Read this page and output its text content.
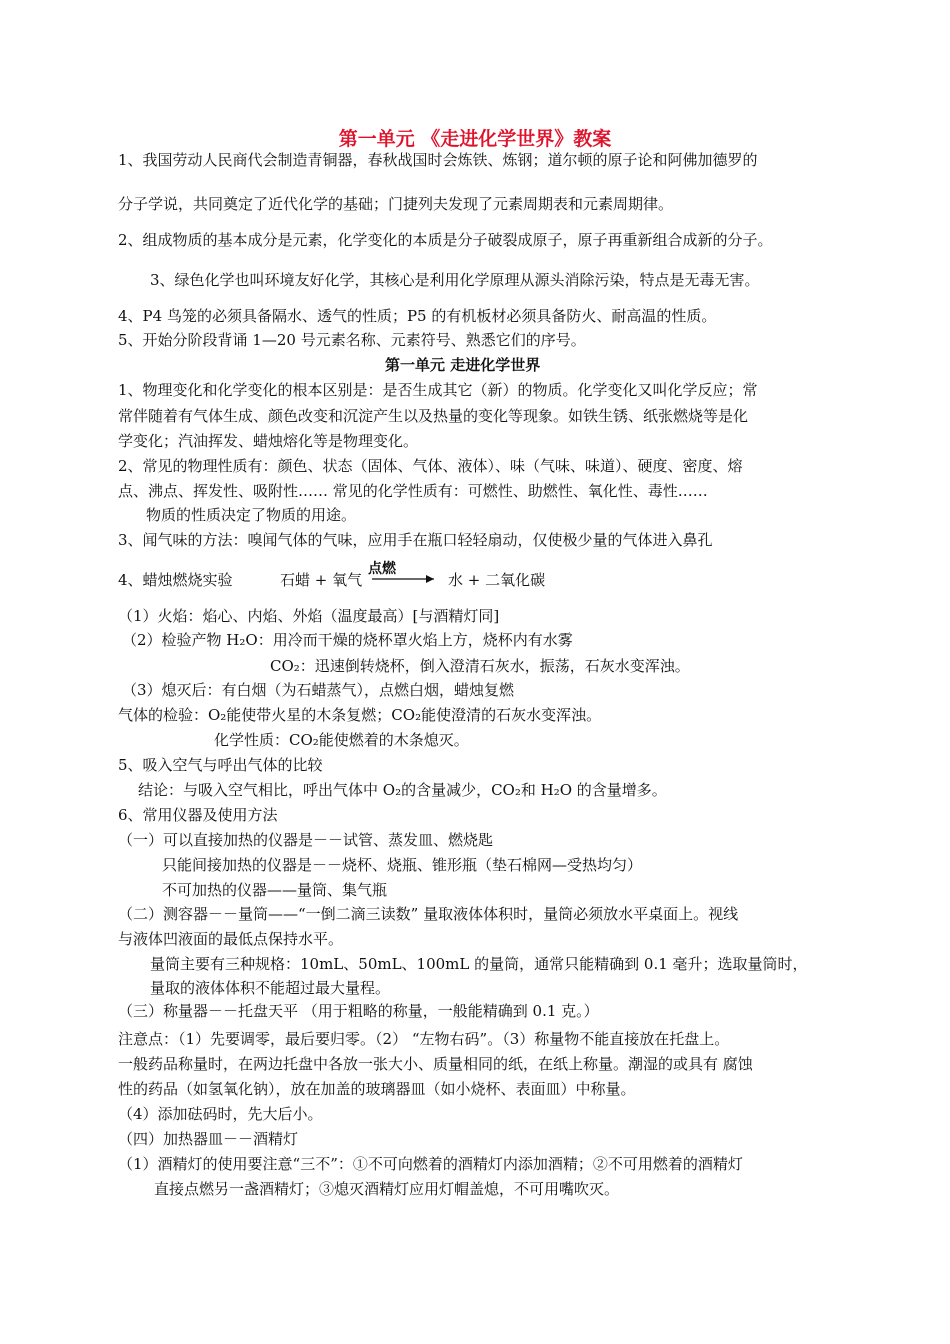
第一单元 《走进化学世界》教案
1、我国劳动人民商代会制造青铜器，春秋战国时会炼铁、炼钢；道尔顿的原子论和阿佛加德罗的
分子学说，共同奠定了近代化学的基础；门捷列夫发现了元素周期表和元素周期律。
2、组成物质的基本成分是元素，化学变化的本质是分子破裂成原子，原子再重新组合成新的分子。
3、绿色化学也叫环境友好化学，其核心是利用化学原理从源头消除污染，特点是无毒无害。
4、P4 鸟笼的必须具备隔水、透气的性质；P5 的有机板材必须具备防火、耐高温的性质。
5、开始分阶段背诵 1—20 号元素名称、元素符号、熟悉它们的序号。
第一单元 走进化学世界
1、物理变化和化学变化的根本区别是：是否生成其它（新）的物质。化学变化又叫化学反应；常
常伴随着有气体生成、颜色改变和沉淀产生以及热量的变化等现象。如铁生锈、纸张燃烧等是化
学变化；汽油挥发、蜡烛熔化等是物理变化。
2、常见的物理性质有：颜色、状态（固体、气体、液体）、味（气味、味道）、硬度、密度、熔
点、沸点、挥发性、吸附性…… 常见的化学性质有：可燃性、助燃性、氧化性、毒性……
物质的性质决定了物质的用途。
3、闻气味的方法：嗅闻气体的气味，应用手在瓶口轻轻扇动，仅使极少量的气体进入鼻孔
4、蜡烛燃烧实验	石蜡 + 氧气
点燃
水 + 二氧化碳
（1）火焰：焰心、内焰、外焰（温度最高）[与酒精灯同]
（2）检验产物 H₂O：用冷而干燥的烧杯罩火焰上方，烧杯内有水雾
CO₂：迅速倒转烧杯，倒入澄清石灰水，振荡，石灰水变浑浊。
（3）熄灭后：有白烟（为石蜡蒸气），点燃白烟，蜡烛复燃
气体的检验：O₂能使带火星的木条复燃；CO₂能使澄清的石灰水变浑浊。
化学性质：CO₂能使燃着的木条熄灭。
5、吸入空气与呼出气体的比较
结论：与吸入空气相比，呼出气体中 O₂的含量减少，CO₂和 H₂O 的含量增多。
6、常用仪器及使用方法
（一）可以直接加热的仪器是－－试管、蒸发皿、燃烧匙
只能间接加热的仪器是－－烧杯、烧瓶、锥形瓶（垫石棉网—受热均匀）
不可加热的仪器——量筒、集气瓶
（二）测容器－－量筒——“一倒二滴三读数” 量取液体体积时，量筒必须放水平桌面上。视线
与液体凹液面的最低点保持水平。
量筒主要有三种规格：10mL、50mL、100mL 的量筒，通常只能精确到 0.1 毫升；选取量筒时，
量取的液体体积不能超过最大量程。
（三）称量器－－托盘天平 （用于粗略的称量，一般能精确到 0.1 克。）
注意点：（1）先要调零，最后要归零。（2） “左物右码”。（3）称量物不能直接放在托盘上。
一般药品称量时，在两边托盘中各放一张大小、质量相同的纸，在纸上称量。潮湿的或具有 腐蚀
性的药品（如氢氧化钠），放在加盖的玻璃器皿（如小烧杯、表面皿）中称量。
（4）添加砝码时，先大后小。
（四）加热器皿－－酒精灯
（1）酒精灯的使用要注意“三不”：①不可向燃着的酒精灯内添加酒精；②不可用燃着的酒精灯
直接点燃另一盏酒精灯；③熄灭酒精灯应用灯帽盖熄，不可用嘴吹灭。
